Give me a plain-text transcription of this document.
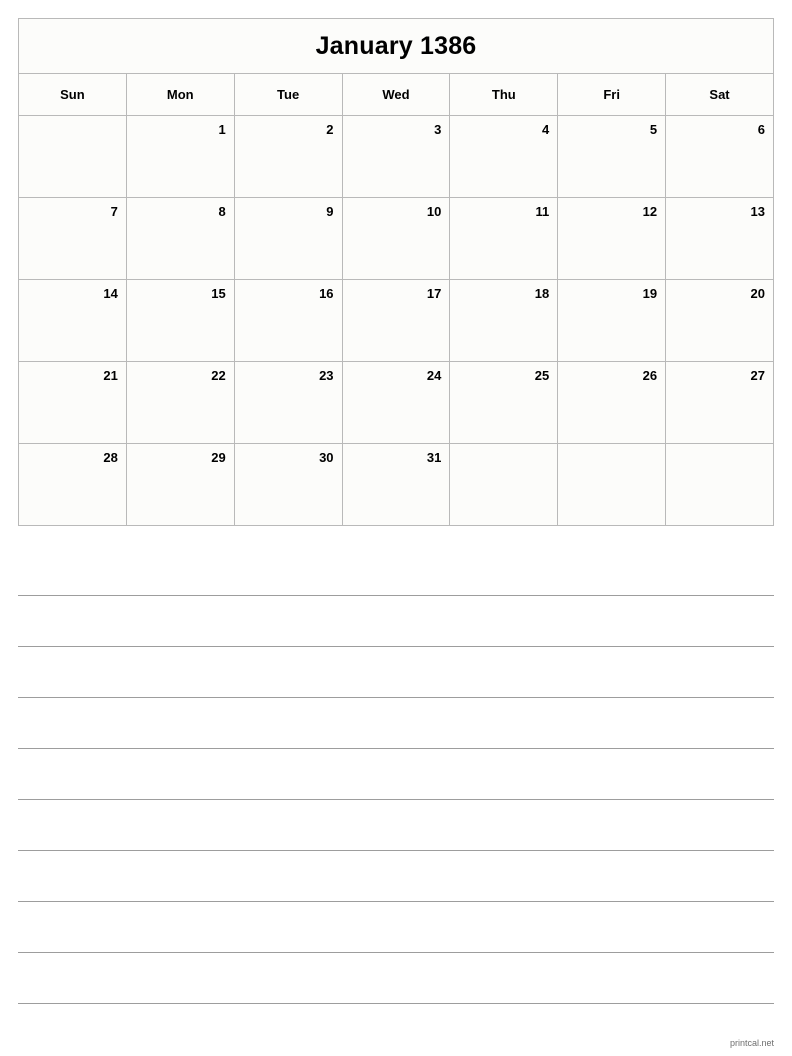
January 1386						
Sun	Mon	Tue	Wed	Thu	Fri	Sat
	1	2	3	4	5	6
7	8	9	10	11	12	13
14	15	16	17	18	19	20
21	22	23	24	25	26	27
28	29	30	31			
printcal.net
